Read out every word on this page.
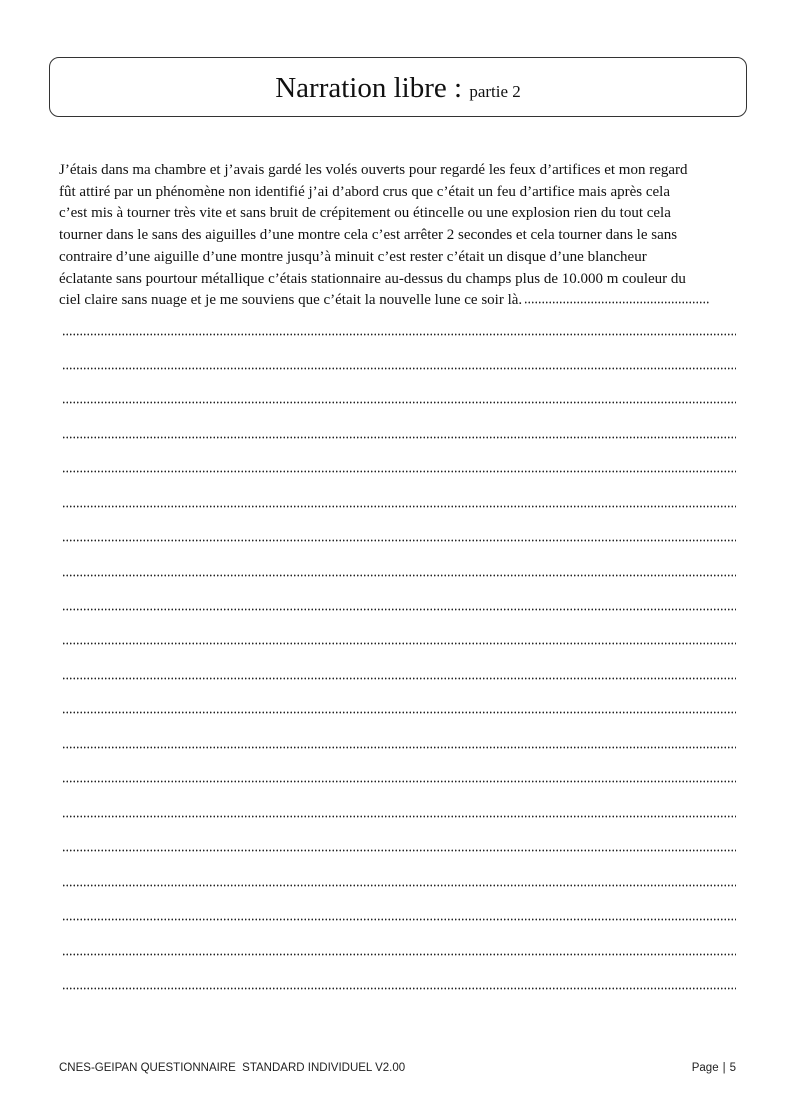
Narration libre : partie 2
J’étais dans ma chambre et j’avais gardé les volés ouverts pour regardé les feux d’artifices et mon regard
fût attiré par un phénomène non identifié j’ai d’abord crus que c’était un feu d’artifice mais après cela
c’est mis à tourner très vite et sans bruit de crépitement ou étincelle ou une explosion rien du tout cela
tourner dans le sans des aiguilles d’une montre cela c’est arrêter 2 secondes et cela tourner dans le sans
contraire d’une aiguille d’une montre jusqu’à minuit c’est rester c’était un disque d’une blancheur
éclatante sans pourtour métallique c’étais stationnaire au-dessus du champs plus de 10.000 m couleur du
ciel claire sans nuage et je me souviens que c’était la nouvelle lune ce soir là.
CNES-GEIPAN QUESTIONNAIRE  STANDARD INDIVIDUEL V2.00	Page | 5
